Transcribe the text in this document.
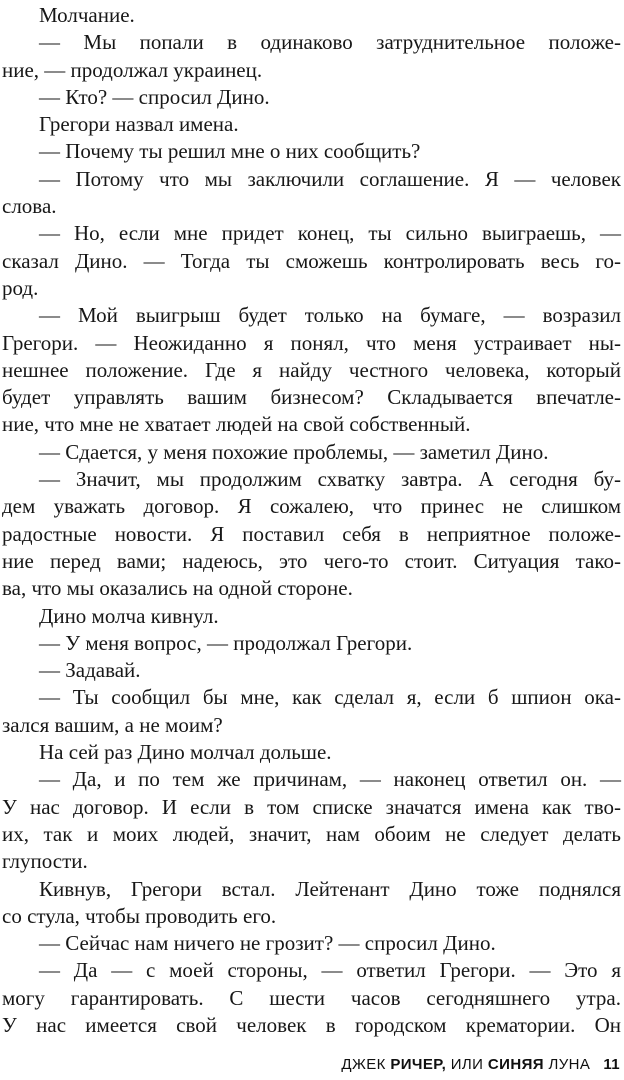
Молчание.

— Мы попали в одинаково затруднительное положе-
ние, — продолжал украинец.

— Кто? — спросил Дино.

Грегори назвал имена.

— Почему ты решил мне о них сообщить?

— Потому что мы заключили соглашение. Я — человек
слова.

— Но, если мне придет конец, ты сильно выиграешь, —
сказал Дино. — Тогда ты сможешь контролировать весь го-
род.

— Мой выигрыш будет только на бумаге, — возразил
Грегори. — Неожиданно я понял, что меня устраивает ны-
нешнее положение. Где я найду честного человека, который
будет управлять вашим бизнесом? Складывается впечатле-
ние, что мне не хватает людей на свой собственный.

— Сдается, у меня похожие проблемы, — заметил Дино.

— Значит, мы продолжим схватку завтра. А сегодня бу-
дем уважать договор. Я сожалею, что принес не слишком
радостные новости. Я поставил себя в неприятное положе-
ние перед вами; надеюсь, это чего-то стоит. Ситуация тако-
ва, что мы оказались на одной стороне.

Дино молча кивнул.

— У меня вопрос, — продолжал Грегори.

— Задавай.

— Ты сообщил бы мне, как сделал я, если б шпион ока-
зался вашим, а не моим?

На сей раз Дино молчал дольше.

— Да, и по тем же причинам, — наконец ответил он. —
У нас договор. И если в том списке значатся имена как тво-
их, так и моих людей, значит, нам обоим не следует делать
глупости.

Кивнув, Грегори встал. Лейтенант Дино тоже поднялся
со стула, чтобы проводить его.

— Сейчас нам ничего не грозит? — спросил Дино.

— Да — с моей стороны, — ответил Грегори. — Это я
могу гарантировать. С шести часов сегодняшнего утра.
У нас имеется свой человек в городском крематории. Он

ДЖЕК РИЧЕР, ИЛИ СИНЯЯ ЛУНА 11
